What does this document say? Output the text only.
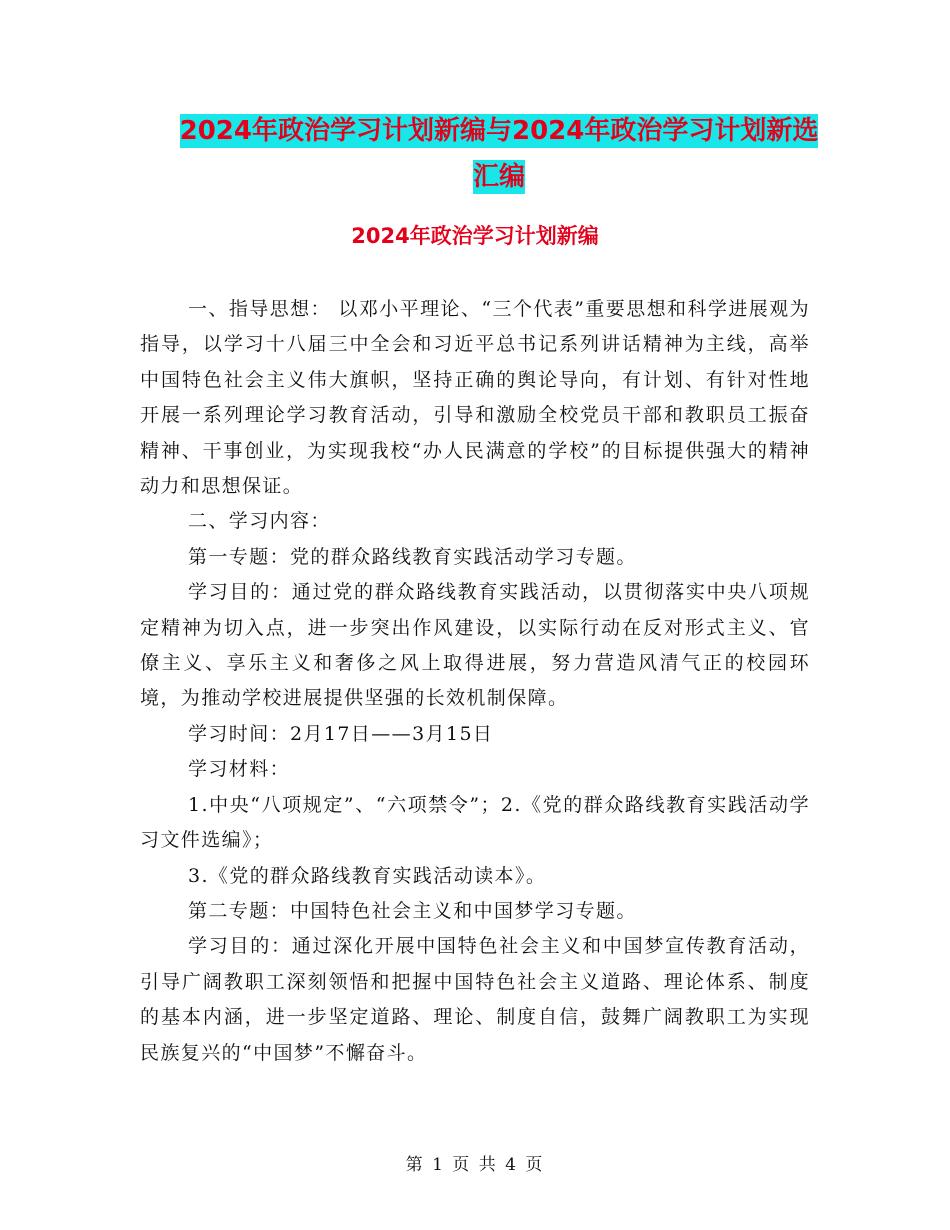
2024年政治学习计划新编与2024年政治学习计划新选
汇编
2024年政治学习计划新编

一、指导思想： 以邓小平理论、“三个代表”重要思想和科学进展观为指导，以学习十八届三中全会和习近平总书记系列讲话精神为主线，高举中国特色社会主义伟大旗帜，坚持正确的舆论导向，有计划、有针对性地开展一系列理论学习教育活动，引导和激励全校党员干部和教职员工振奋精神、干事创业，为实现我校“办人民满意的学校”的目标提供强大的精神动力和思想保证。

二、学习内容：

第一专题：党的群众路线教育实践活动学习专题。

学习目的：通过党的群众路线教育实践活动，以贯彻落实中央八项规定精神为切入点，进一步突出作风建设，以实际行动在反对形式主义、官僚主义、享乐主义和奢侈之风上取得进展，努力营造风清气正的校园环境，为推动学校进展提供坚强的长效机制保障。

学习时间：2月17日——3月15日

学习材料：

1.中央“八项规定”、“六项禁令”；2.《党的群众路线教育实践活动学习文件选编》；

3.《党的群众路线教育实践活动读本》。

第二专题：中国特色社会主义和中国梦学习专题。

学习目的：通过深化开展中国特色社会主义和中国梦宣传教育活动，引导广阔教职工深刻领悟和把握中国特色社会主义道路、理论体系、制度的基本内涵，进一步坚定道路、理论、制度自信，鼓舞广阔教职工为实现民族复兴的“中国梦”不懈奋斗。

第 1 页 共 4 页
